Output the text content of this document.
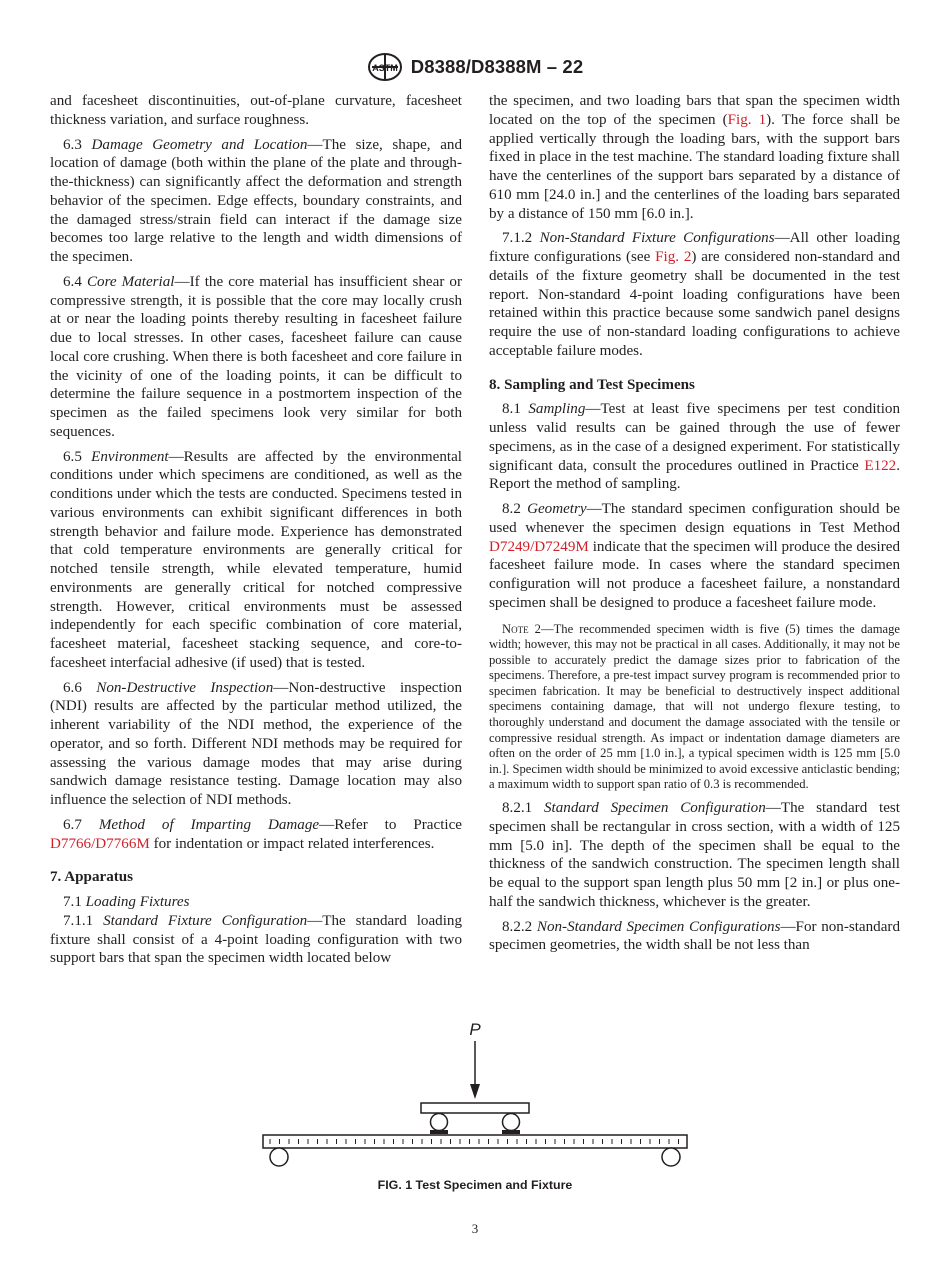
ASTM D8388/D8388M – 22

and facesheet discontinuities, out-of-plane curvature, facesheet thickness variation, and surface roughness.

6.3 Damage Geometry and Location—The size, shape, and location of damage (both within the plane of the plate and through-the-thickness) can significantly affect the deformation and strength behavior of the specimen. Edge effects, boundary constraints, and the damaged stress/strain field can interact if the damage size becomes too large relative to the length and width dimensions of the specimen.

6.4 Core Material—If the core material has insufficient shear or compressive strength, it is possible that the core may locally crush at or near the loading points thereby resulting in facesheet failure due to local stresses. In other cases, facesheet failure can cause local core crushing. When there is both facesheet and core failure in the vicinity of one of the loading points, it can be difficult to determine the failure sequence in a postmortem inspection of the specimen as the failed specimens look very similar for both sequences.

6.5 Environment—Results are affected by the environmental conditions under which specimens are conditioned, as well as the conditions under which the tests are conducted. Specimens tested in various environments can exhibit significant differences in both strength behavior and failure mode. Experience has demonstrated that cold temperature environments are generally critical for notched tensile strength, while elevated temperature, humid environments are generally critical for notched compressive strength. However, critical environments must be assessed independently for each specific combination of core material, facesheet material, facesheet stacking sequence, and core-to-facesheet interfacial adhesive (if used) that is tested.

6.6 Non-Destructive Inspection—Non-destructive inspection (NDI) results are affected by the particular method utilized, the inherent variability of the NDI method, the experience of the operator, and so forth. Different NDI methods may be required for assessing the various damage modes that may arise during sandwich damage resistance testing. Damage location may also influence the selection of NDI methods.

6.7 Method of Imparting Damage—Refer to Practice D7766/D7766M for indentation or impact related interferences.

7. Apparatus

7.1 Loading Fixtures

7.1.1 Standard Fixture Configuration—The standard loading fixture shall consist of a 4-point loading configuration with two support bars that span the specimen width located below

the specimen, and two loading bars that span the specimen width located on the top of the specimen (Fig. 1). The force shall be applied vertically through the loading bars, with the support bars fixed in place in the test machine. The standard loading fixture shall have the centerlines of the support bars separated by a distance of 610 mm [24.0 in.] and the centerlines of the loading bars separated by a distance of 150 mm [6.0 in.].

7.1.2 Non-Standard Fixture Configurations—All other loading fixture configurations (see Fig. 2) are considered non-standard and details of the fixture geometry shall be documented in the test report. Non-standard 4-point loading configurations have been retained within this practice because some sandwich panel designs require the use of non-standard loading configurations to achieve acceptable failure modes.

8. Sampling and Test Specimens

8.1 Sampling—Test at least five specimens per test condition unless valid results can be gained through the use of fewer specimens, as in the case of a designed experiment. For statistically significant data, consult the procedures outlined in Practice E122. Report the method of sampling.

8.2 Geometry—The standard specimen configuration should be used whenever the specimen design equations in Test Method D7249/D7249M indicate that the specimen will produce the desired facesheet failure mode. In cases where the standard specimen configuration will not produce a facesheet failure, a nonstandard specimen shall be designed to produce a facesheet failure mode.

Note 2—The recommended specimen width is five (5) times the damage width; however, this may not be practical in all cases. Additionally, it may not be possible to accurately predict the damage sizes prior to fabrication of the specimens. Therefore, a pre-test impact survey program is recommended prior to specimen fabrication. It may be beneficial to destructively inspect additional specimens containing damage, that will not undergo flexure testing, to thoroughly understand and document the damage associated with the tensile or compressive residual strength. As impact or indentation damage diameters are often on the order of 25 mm [1.0 in.], a typical specimen width is 125 mm [5.0 in.]. Specimen width should be minimized to avoid excessive anticlastic bending; a maximum width to support span ratio of 0.3 is recommended.

8.2.1 Standard Specimen Configuration—The standard test specimen shall be rectangular in cross section, with a width of 125 mm [5.0 in]. The depth of the specimen shall be equal to the thickness of the sandwich construction. The specimen length shall be equal to the support span length plus 50 mm [2 in.] or plus one-half the sandwich thickness, whichever is the greater.

8.2.2 Non-Standard Specimen Configurations—For non-standard specimen geometries, the width shall be not less than

P
FIG. 1 Test Specimen and Fixture
3
